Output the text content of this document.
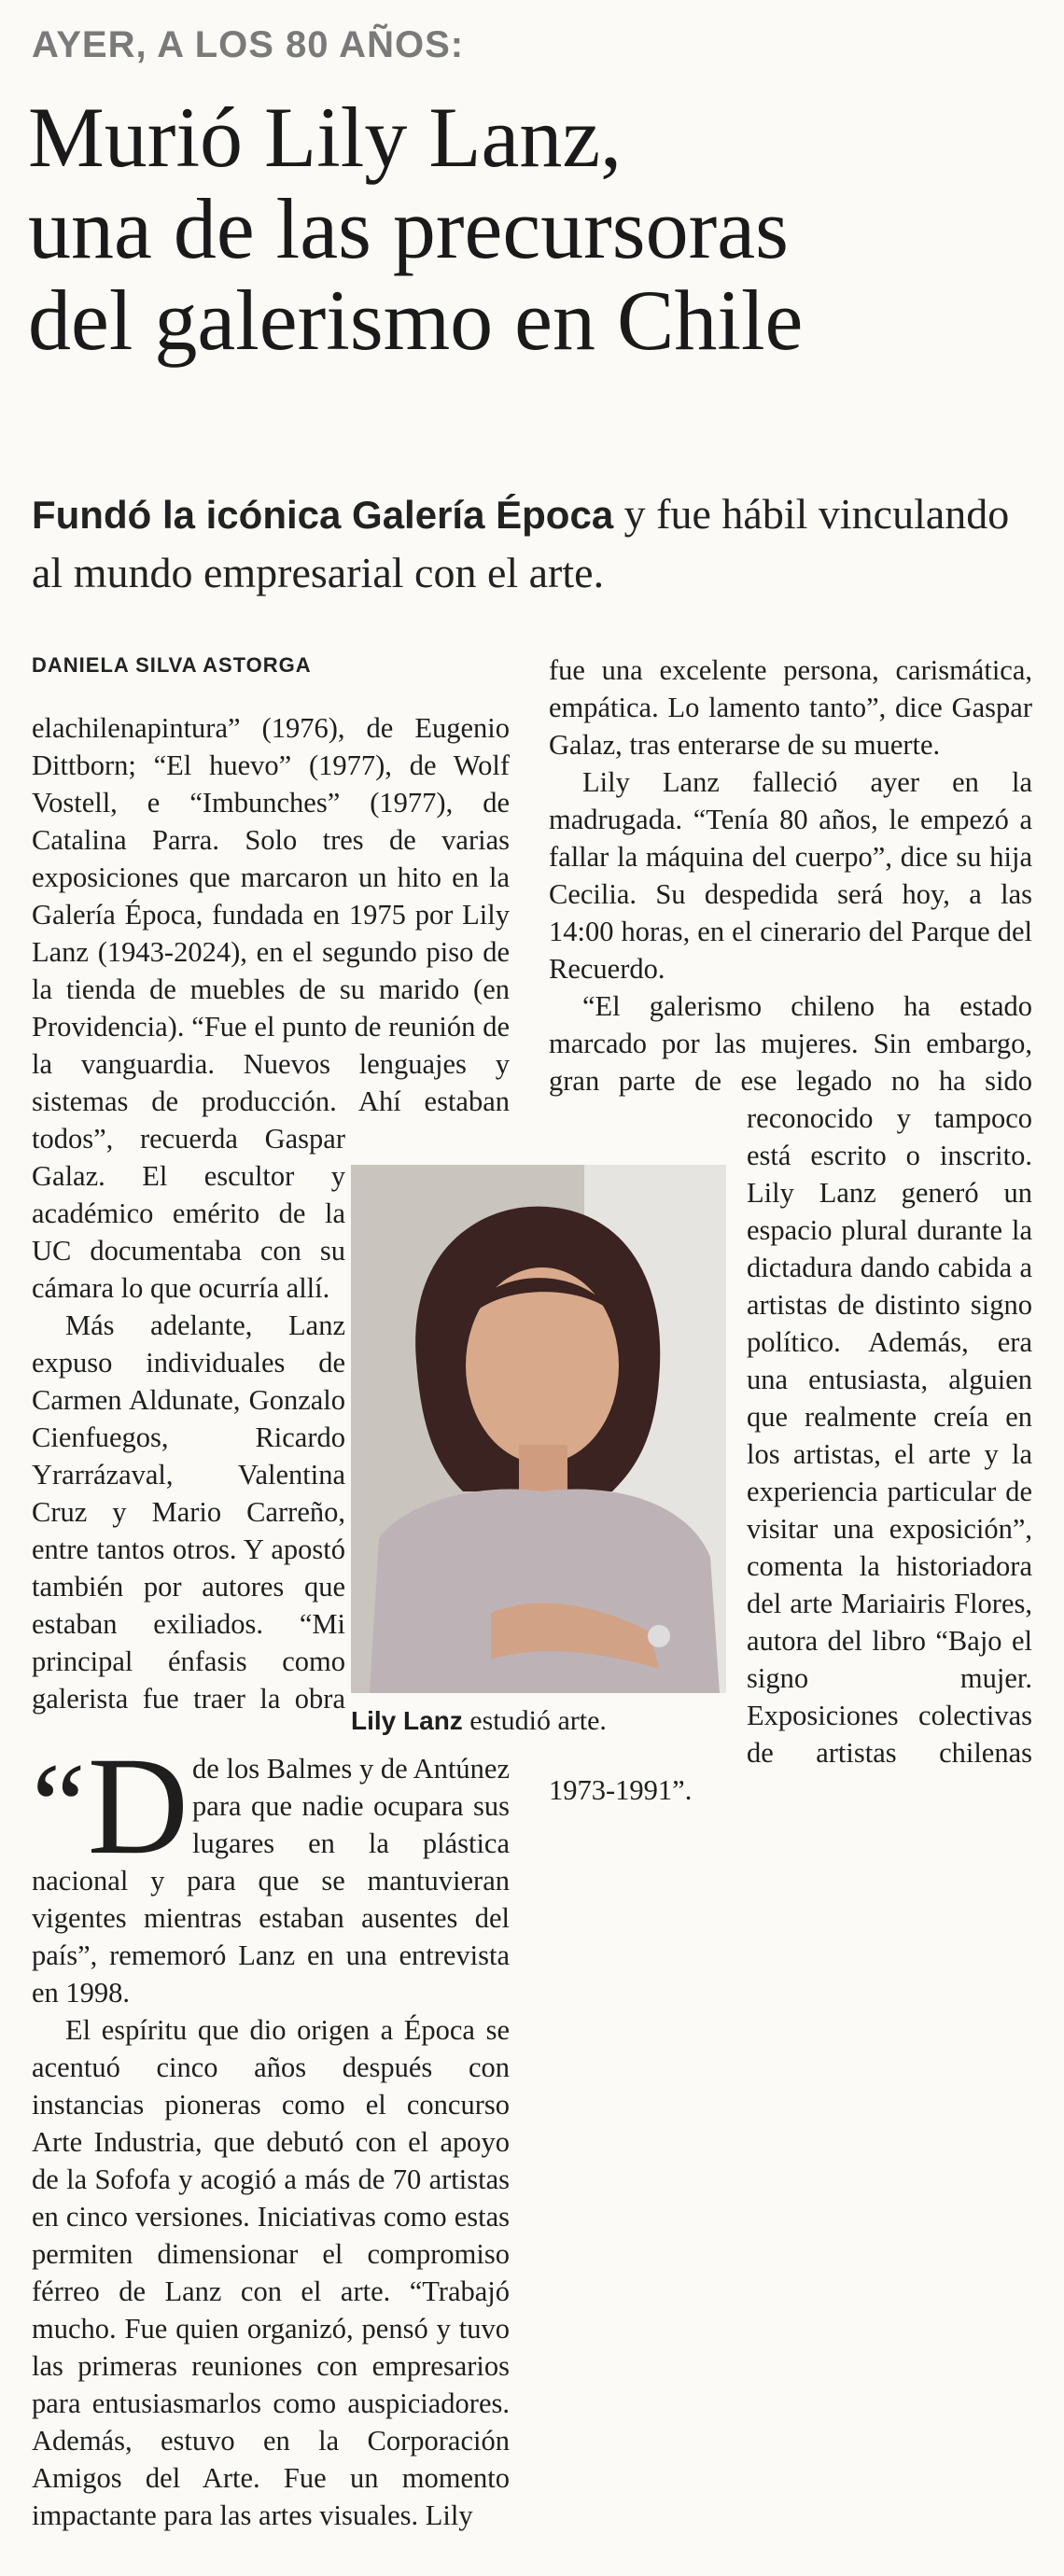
AYER, A LOS 80 AÑOS:

Murió Lily Lanz,
una de las precursoras
del galerismo en Chile
Fundó la icónica Galería Época y fue hábil vinculando al mundo empresarial con el arte.

DANIELA SILVA ASTORGA

“ D
elachilenapintura” (1976), de Eugenio Dittborn; “El huevo” (1977), de Wolf Vostell, e “Imbunches” (1977), de Catalina Parra. Solo tres de varias exposiciones que marcaron un hito en la Galería Época, fundada en 1975 por Lily Lanz (1943-2024), en el segundo piso de la tienda de muebles de su marido (en Providencia). “Fue el punto de reunión de la vanguardia. Nuevos lenguajes y sistemas de producción. Ahí estaban todos”, recuerda Gaspar Galaz. El escultor y académico emérito de la UC documentaba con su cámara lo que ocurría allí.

Más adelante, Lanz expuso individuales de Carmen Aldunate, Gonzalo Cienfuegos, Ricardo Yrarrázaval, Valentina Cruz y Mario Carreño, entre tantos otros. Y apostó también por autores que estaban exiliados. “Mi principal énfasis como galerista fue traer la obra de los Balmes y de Antúnez para que nadie ocupara sus lugares en la plástica nacional y para que se mantuvieran vigentes mientras estaban ausentes del país”, rememoró Lanz en una entrevista en 1998.

El espíritu que dio origen a Época se acentuó cinco años después con instancias pioneras como el concurso Arte Industria, que debutó con el apoyo de la Sofofa y acogió a más de 70 artistas en cinco versiones. Iniciativas como estas permiten dimensionar el compromiso férreo de Lanz con el arte. “Trabajó mucho. Fue quien organizó, pensó y tuvo las primeras reuniones con empresarios para entusiasmarlos como auspiciadores. Además, estuvo en la Corporación Amigos del Arte. Fue un momento impactante para las artes visuales. Lily

Lily Lanz estudió arte.

fue una excelente persona, carismática, empática. Lo lamento tanto”, dice Gaspar Galaz, tras enterarse de su muerte.

Lily Lanz falleció ayer en la madrugada. “Tenía 80 años, le empezó a fallar la máquina del cuerpo”, dice su hija Cecilia. Su despedida será hoy, a las 14:00 horas, en el cinerario del Parque del Recuerdo.

“El galerismo chileno ha estado marcado por las mujeres. Sin embargo, gran parte de ese legado no ha sido reconocido y tampoco está escrito o inscrito. Lily Lanz generó un espacio plural durante la dictadura dando cabida a artistas de distinto signo político. Además, era una entusiasta, alguien que realmente creía en los artistas, el arte y la experiencia particular de visitar una exposición”, comenta la historiadora del arte Mariairis Flores, autora del libro “Bajo el signo mujer. Exposiciones colectivas de artistas chilenas 1973-1991”.
